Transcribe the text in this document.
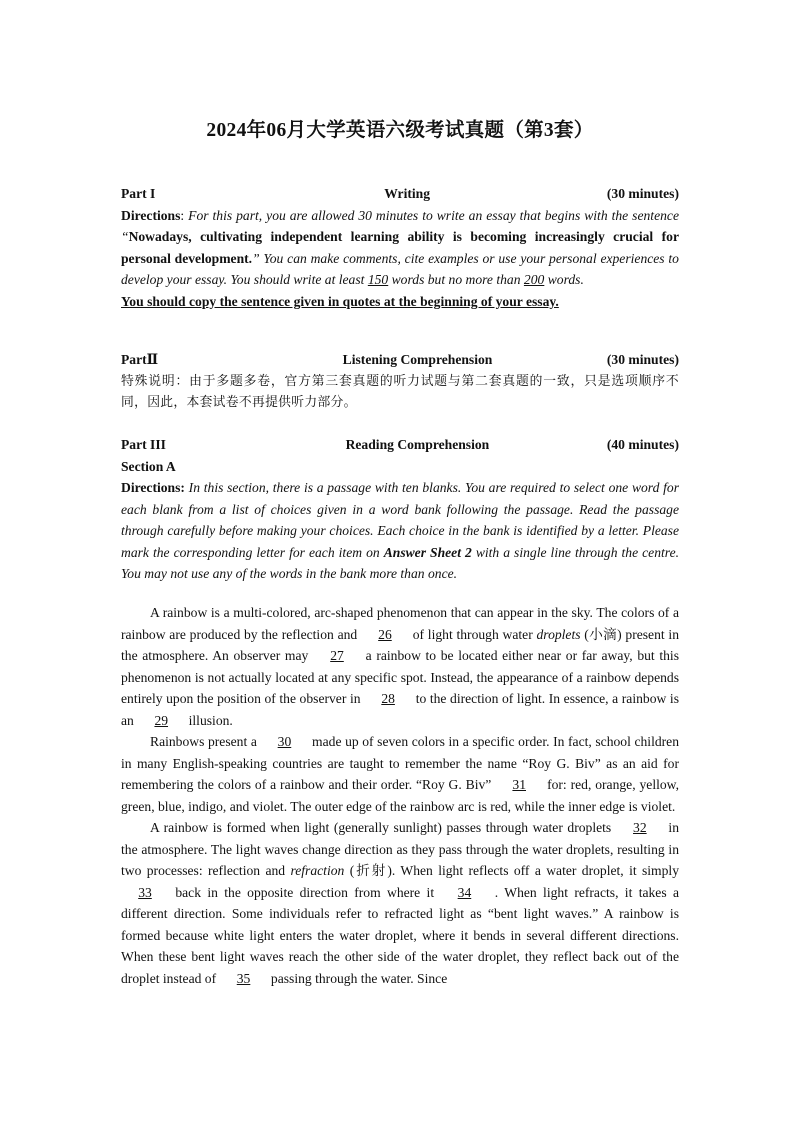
2024年06月大学英语六级考试真题（第3套）
Part I	Writing	(30 minutes)
Directions: For this part, you are allowed 30 minutes to write an essay that begins with the sentence “Nowadays, cultivating independent learning ability is becoming increasingly crucial for personal development.” You can make comments, cite examples or use your personal experiences to develop your essay. You should write at least 150 words but no more than 200 words.
You should copy the sentence given in quotes at the beginning of your essay.
PartⅡ	Listening Comprehension	(30 minutes)
特殊说明：由于多题多卷，官方第三套真题的听力试题与第二套真题的一致，只是选项顺序不同，因此，本套试卷不再提供听力部分。
Part III	Reading Comprehension	(40 minutes)
Section A
Directions: In this section, there is a passage with ten blanks. You are required to select one word for each blank from a list of choices given in a word bank following the passage. Read the passage through carefully before making your choices. Each choice in the bank is identified by a letter. Please mark the corresponding letter for each item on Answer Sheet 2 with a single line through the centre. You may not use any of the words in the bank more than once.

A rainbow is a multi-colored, arc-shaped phenomenon that can appear in the sky. The colors of a rainbow are produced by the reflection and 26 of light through water droplets (小滴) present in the atmosphere. An observer may 27 a rainbow to be located either near or far away, but this phenomenon is not actually located at any specific spot. Instead, the appearance of a rainbow depends entirely upon the position of the observer in 28 to the direction of light. In essence, a rainbow is an 29 illusion.

Rainbows present a 30 made up of seven colors in a specific order. In fact, school children in many English-speaking countries are taught to remember the name “Roy G. Biv” as an aid for remembering the colors of a rainbow and their order. “Roy G. Biv” 31 for: red, orange, yellow, green, blue, indigo, and violet. The outer edge of the rainbow arc is red, while the inner edge is violet.

A rainbow is formed when light (generally sunlight) passes through water droplets 32 in the atmosphere. The light waves change direction as they pass through the water droplets, resulting in two processes: reflection and refraction (折射). When light reflects off a water droplet, it simply 33 back in the opposite direction from where it 34 . When light refracts, it takes a different direction. Some individuals refer to refracted light as “bent light waves.” A rainbow is formed because white light enters the water droplet, where it bends in several different directions. When these bent light waves reach the other side of the water droplet, they reflect back out of the droplet instead of 35 passing through the water. Since
